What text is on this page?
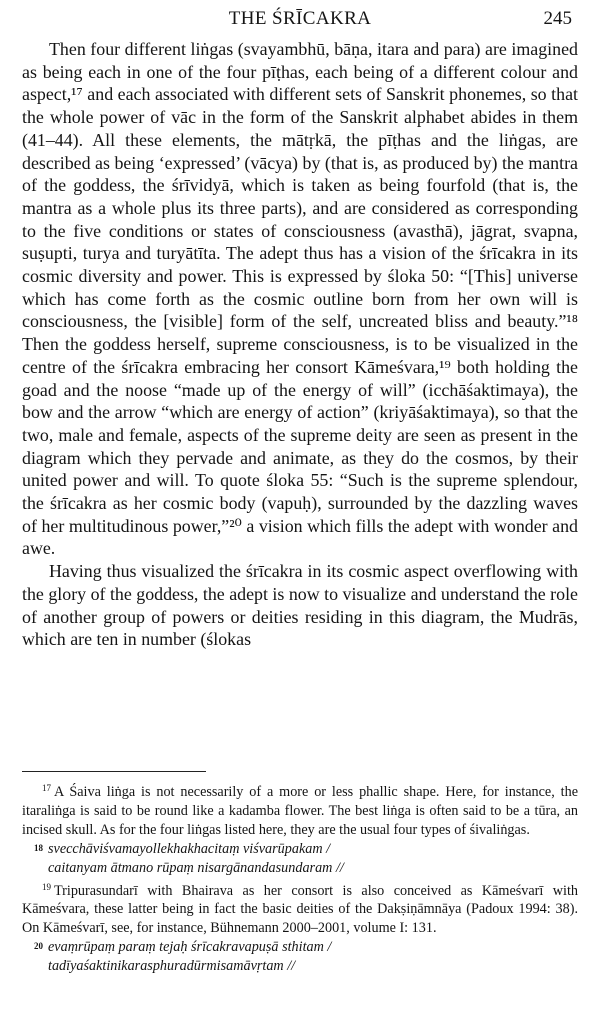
THE ŚRĪCAKRA	245

Then four different liṅgas (svayambhū, bāṇa, itara and para) are imagined as being each in one of the four pīṭhas, each being of a different colour and aspect,¹⁷ and each associated with different sets of Sanskrit phonemes, so that the whole power of vāc in the form of the Sanskrit alphabet abides in them (41–44). All these elements, the mātṛkā, the pīṭhas and the liṅgas, are described as being ‘expressed’ (vācya) by (that is, as produced by) the mantra of the goddess, the śrīvidyā, which is taken as being fourfold (that is, the mantra as a whole plus its three parts), and are considered as corresponding to the five conditions or states of consciousness (avasthā), jāgrat, svapna, suṣupti, turya and turyātīta. The adept thus has a vision of the śrīcakra in its cosmic diversity and power. This is expressed by śloka 50: “[This] universe which has come forth as the cosmic outline born from her own will is consciousness, the [visible] form of the self, uncreated bliss and beauty.”¹⁸ Then the goddess herself, supreme consciousness, is to be visualized in the centre of the śrīcakra embracing her consort Kāmeśvara,¹⁹ both holding the goad and the noose “made up of the energy of will” (icchāśaktimaya), the bow and the arrow “which are energy of action” (kriyāśaktimaya), so that the two, male and female, aspects of the supreme deity are seen as present in the diagram which they pervade and animate, as they do the cosmos, by their united power and will. To quote śloka 55: “Such is the supreme splendour, the śrīcakra as her cosmic body (vapuḥ), surrounded by the dazzling waves of her multitudinous power,”²⁰ a vision which fills the adept with wonder and awe.

Having thus visualized the śrīcakra in its cosmic aspect overflowing with the glory of the goddess, the adept is now to visualize and understand the role of another group of powers or deities residing in this diagram, the Mudrās, which are ten in number (ślokas

$^{17}$ A Śaiva liṅga is not necessarily of a more or less phallic shape. Here, for instance, the itaraliṅga is said to be round like a kadamba flower. The best liṅga is often said to be a tūra, an incised skull. As for the four liṅgas listed here, they are the usual four types of śivaliṅgas.

18 svecchāviśvamayollekhakhacitaṃ viśvarūpakam /

caitanyam ātmano rūpaṃ nisargānandasundaram //

$^{19}$ Tripurasundarī with Bhairava as her consort is also conceived as Kāmeśvarī with Kāmeśvara, these latter being in fact the basic deities of the Dakṣiṇāmnāya (Padoux 1994: 38). On Kāmeśvarī, see, for instance, Bühnemann 2000–2001, volume I: 131.

20 evaṃrūpaṃ paraṃ tejaḥ śrīcakravapuṣā sthitam /

tadīyaśaktinikarasphuradūrmisamāvṛtam //
